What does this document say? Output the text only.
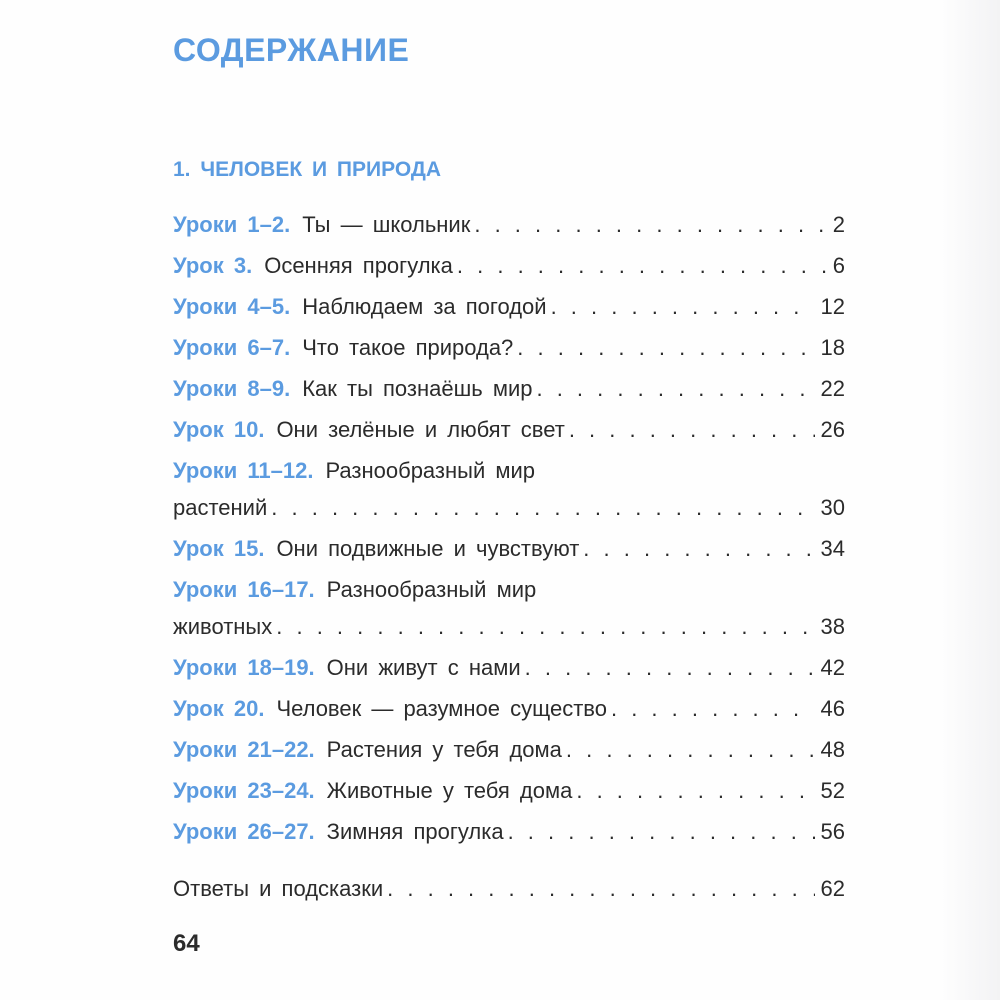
СОДЕРЖАНИЕ
1. ЧЕЛОВЕК И ПРИРОДА
Уроки 1–2. Ты — школьник . . .	2
Урок 3. Осенняя прогулка . . .	6
Уроки 4–5. Наблюдаем за погодой . . .	12
Уроки 6–7. Что такое природа? . . .	18
Уроки 8–9. Как ты познаёшь мир . . .	22
Урок 10. Они зелёные и любят свет . . .	26
Уроки 11–12. Разнообразный мир
растений . . .	30
Урок 15. Они подвижные и чувствуют . . .	34
Уроки 16–17. Разнообразный мир
животных . . .	38
Уроки 18–19. Они живут с нами . . .	42
Урок 20. Человек — разумное существо . . .	46
Уроки 21–22. Растения у тебя дома . . .	48
Уроки 23–24. Животные у тебя дома . . .	52
Уроки 26–27. Зимняя прогулка . . .	56
Ответы и подсказки . . .	62
64
